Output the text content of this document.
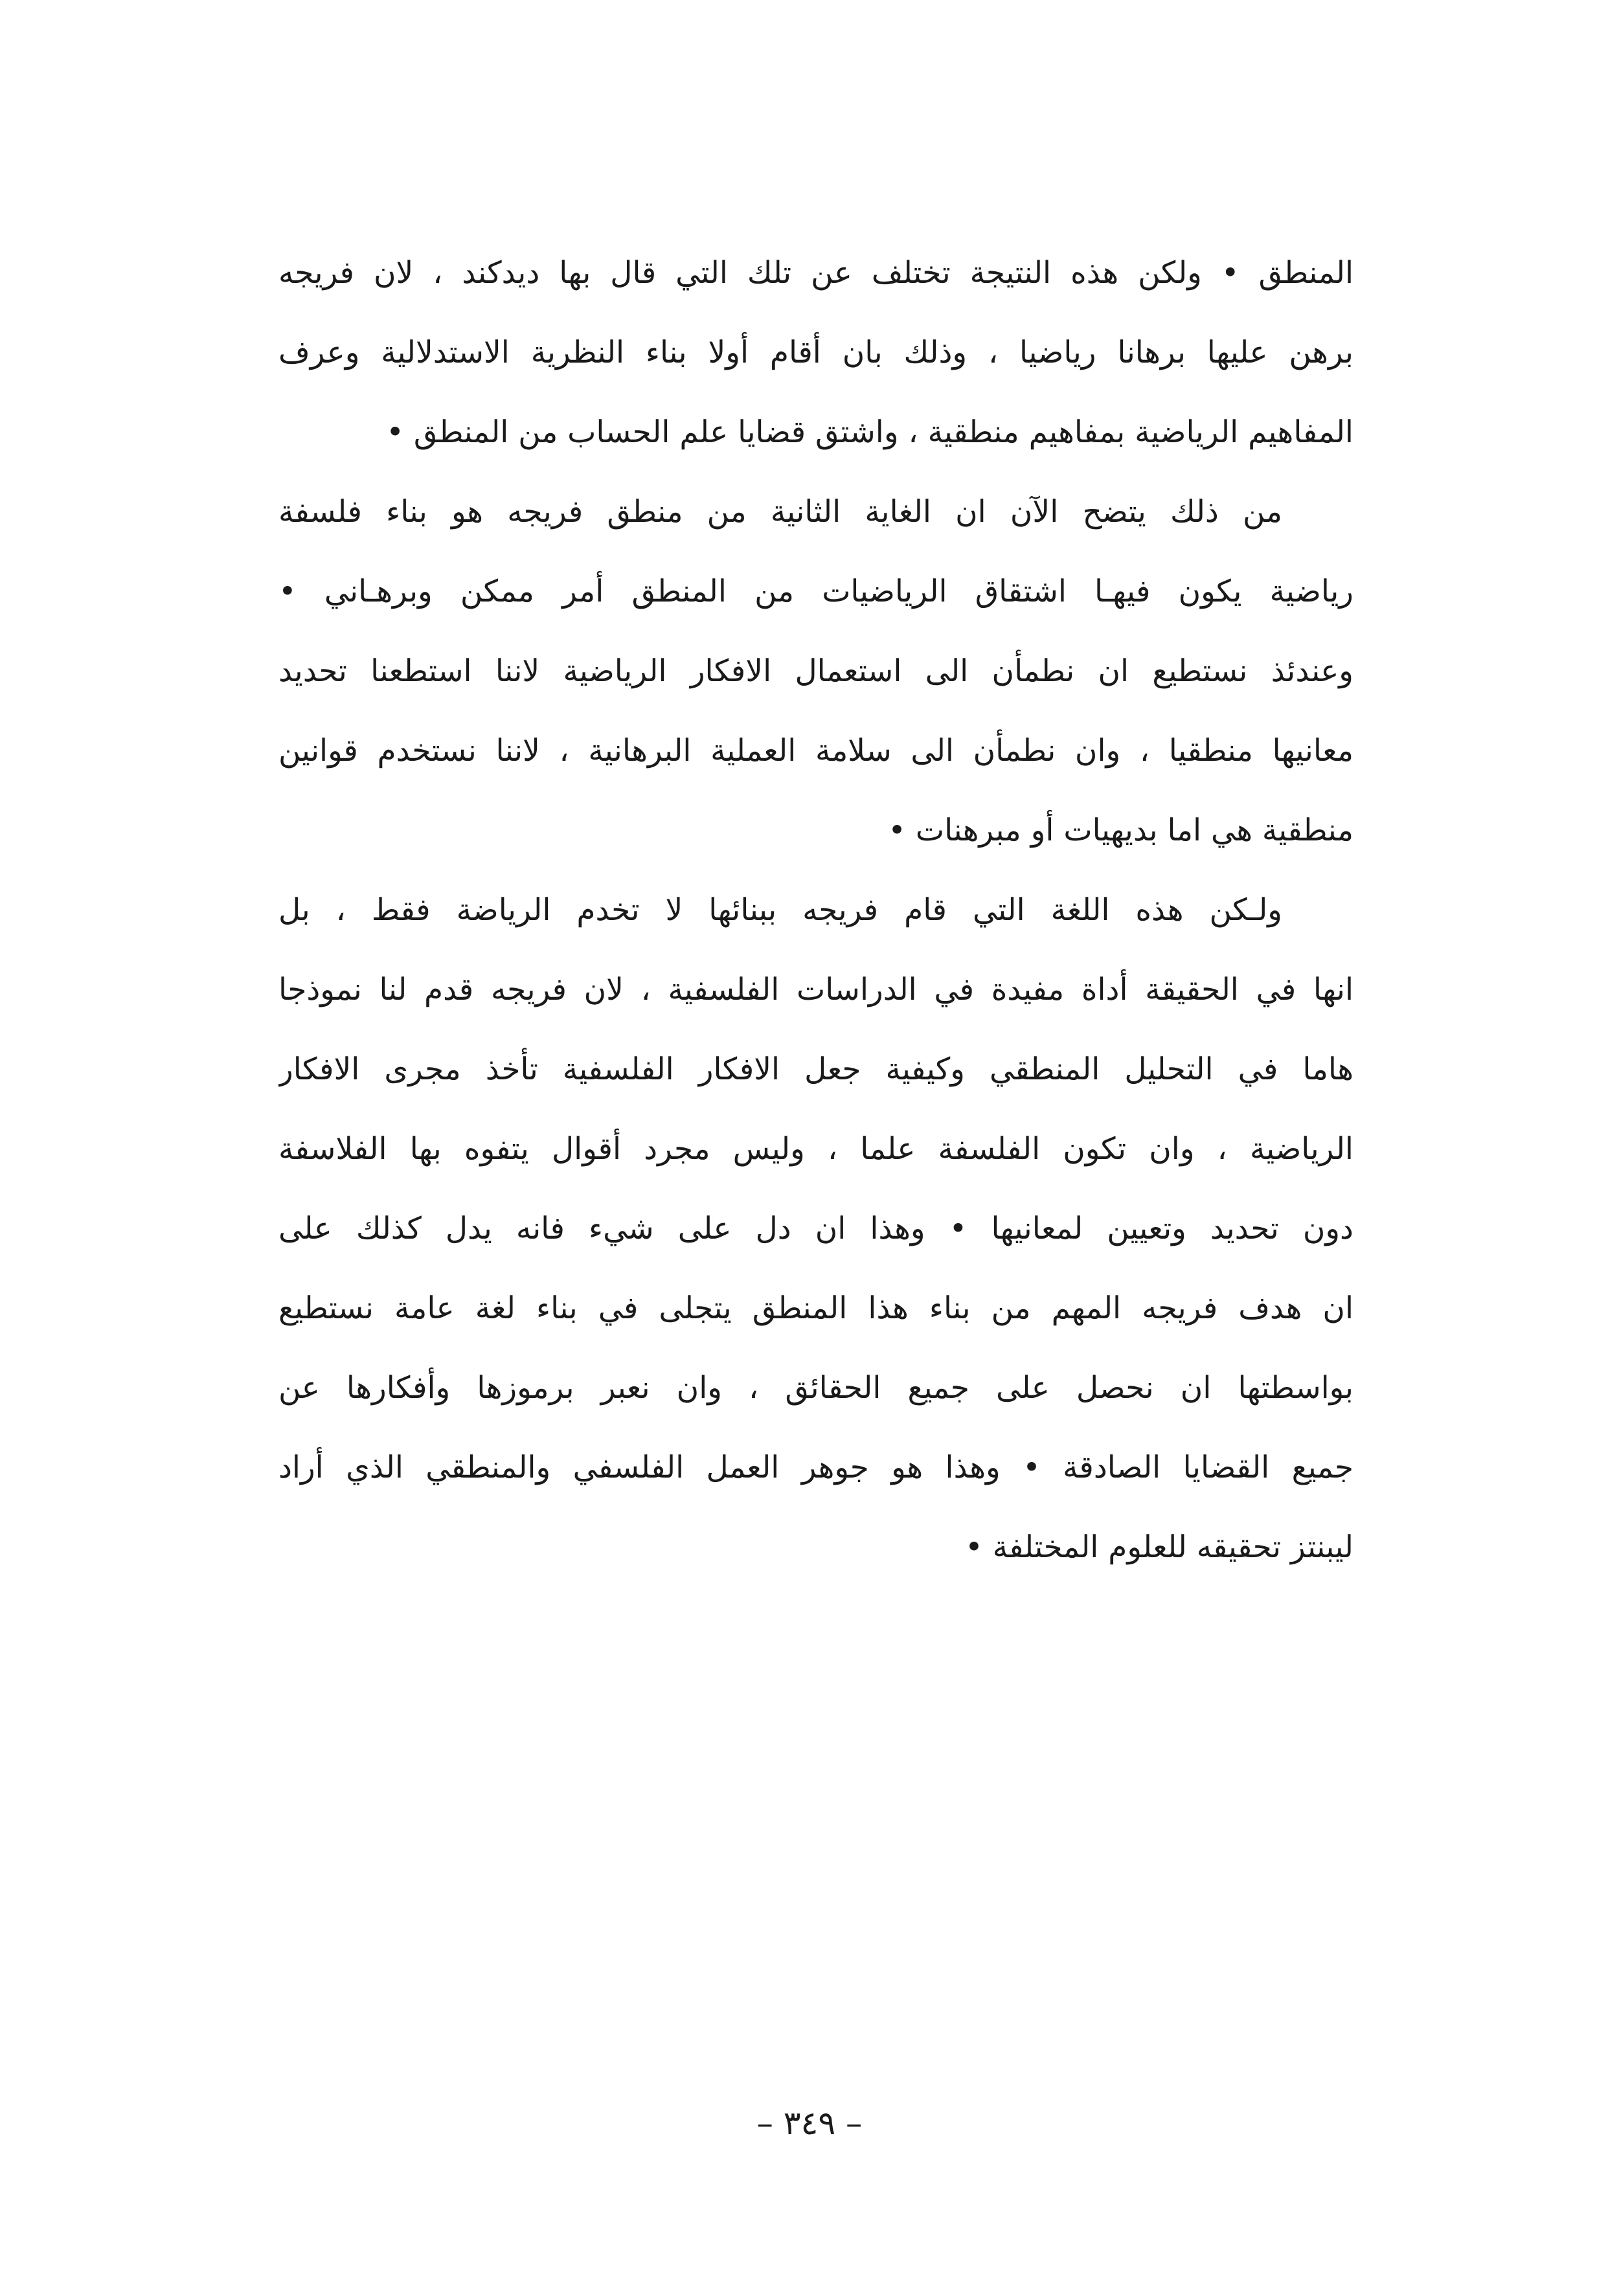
المنطق • ولكن هذه النتيجة تختلف عن تلك التي قال بها ديدكند ، لان فريجه
برهن عليها برهانا رياضيا ، وذلك بان أقام أولا بناء النظرية الاستدلالية وعرف
المفاهيم الرياضية بمفاهيم منطقية ، واشتق قضايا علم الحساب من المنطق •
من ذلك يتضح الآن ان الغاية الثانية من منطق فريجه هو بناء فلسفة
رياضية يكون فيهـا اشتقاق الرياضيات من المنطق أمر ممكن وبرهـاني •
وعندئذ نستطيع ان نطمأن الى استعمال الافكار الرياضية لاننا استطعنا تحديد
معانيها منطقيا ، وان نطمأن الى سلامة العملية البرهانية ، لاننا نستخدم قوانين
منطقية هي اما بديهيات أو مبرهنات •
ولـكن هذه اللغة التي قام فريجه ببنائها لا تخدم الرياضة فقط ، بل
انها في الحقيقة أداة مفيدة في الدراسات الفلسفية ، لان فريجه قدم لنا نموذجا
هاما في التحليل المنطقي وكيفية جعل الافكار الفلسفية تأخذ مجرى الافكار
الرياضية ، وان تكون الفلسفة علما ، وليس مجرد أقوال يتفوه بها الفلاسفة
دون تحديد وتعيين لمعانيها • وهذا ان دل على شيء فانه يدل كذلك على
ان هدف فريجه المهم من بناء هذا المنطق يتجلى في بناء لغة عامة نستطيع
بواسطتها ان نحصل على جميع الحقائق ، وان نعبر برموزها وأفكارها عن
جميع القضايا الصادقة • وهذا هو جوهر العمل الفلسفي والمنطقي الذي أراد
ليبنتز تحقيقه للعلوم المختلفة •
– ٣٤٩ –
